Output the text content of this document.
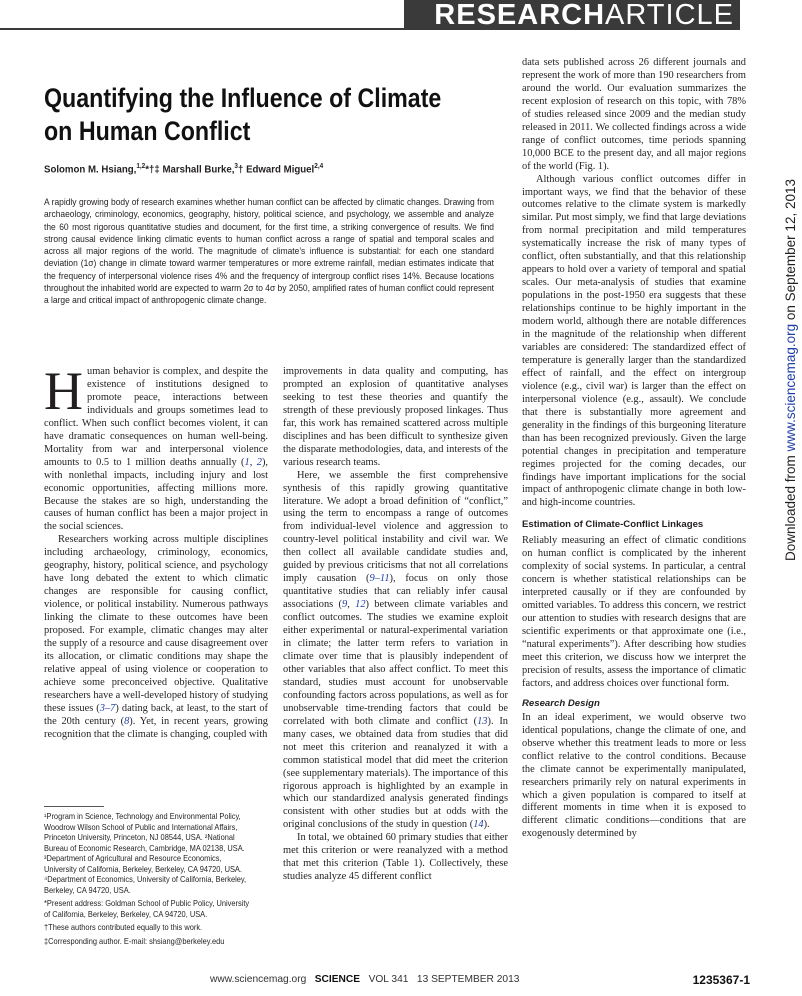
RESEARCH ARTICLE
Quantifying the Influence of Climate on Human Conflict
Solomon M. Hsiang,$^{1,2}$*†‡ Marshall Burke,$^3$† Edward Miguel$^{2,4}$

A rapidly growing body of research examines whether human conflict can be affected by climatic changes. Drawing from archaeology, criminology, economics, geography, history, political science, and psychology, we assemble and analyze the 60 most rigorous quantitative studies and document, for the first time, a striking convergence of results. We find strong causal evidence linking climatic events to human conflict across a range of spatial and temporal scales and across all major regions of the world. The magnitude of climate’s influence is substantial: for each one standard deviation (1σ) change in climate toward warmer temperatures or more extreme rainfall, median estimates indicate that the frequency of interpersonal violence rises 4% and the frequency of intergroup conflict rises 14%. Because locations throughout the inhabited world are expected to warm 2σ to 4σ by 2050, amplified rates of human conflict could represent a large and critical impact of anthropogenic climate change.

Human behavior is complex, and despite the existence of institutions designed to promote peace, interactions between individuals and groups sometimes lead to conflict. When such conflict becomes violent, it can have dramatic consequences on human well-being. Mortality from war and interpersonal violence amounts to 0.5 to 1 million deaths annually (1, 2), with nonlethal impacts, including injury and lost economic opportunities, affecting millions more. Because the stakes are so high, understanding the causes of human conflict has been a major project in the social sciences.

Researchers working across multiple disciplines including archaeology, criminology, economics, geography, history, political science, and psychology have long debated the extent to which climatic changes are responsible for causing conflict, violence, or political instability. Numerous pathways linking the climate to these outcomes have been proposed. For example, climatic changes may alter the supply of a resource and cause disagreement over its allocation, or climatic conditions may shape the relative appeal of using violence or cooperation to achieve some preconceived objective. Qualitative researchers have a well-developed history of studying these issues (3–7) dating back, at least, to the start of the 20th century (8). Yet, in recent years, growing recognition that the climate is changing, coupled with

¹Program in Science, Technology and Environmental Policy, Woodrow Wilson School of Public and International Affairs, Princeton University, Princeton, NJ 08544, USA. ²National Bureau of Economic Research, Cambridge, MA 02138, USA. ³Department of Agricultural and Resource Economics, University of California, Berkeley, Berkeley, CA 94720, USA. ⁴Department of Economics, University of California, Berkeley, Berkeley, CA 94720, USA.

*Present address: Goldman School of Public Policy, University of California, Berkeley, Berkeley, CA 94720, USA.

†These authors contributed equally to this work.

‡Corresponding author. E-mail: shsiang@berkeley.edu

improvements in data quality and computing, has prompted an explosion of quantitative analyses seeking to test these theories and quantify the strength of these previously proposed linkages. Thus far, this work has remained scattered across multiple disciplines and has been difficult to synthesize given the disparate methodologies, data, and interests of the various research teams.

Here, we assemble the first comprehensive synthesis of this rapidly growing quantitative literature. We adopt a broad definition of “conflict,” using the term to encompass a range of outcomes from individual-level violence and aggression to country-level political instability and civil war. We then collect all available candidate studies and, guided by previous criticisms that not all correlations imply causation (9–11), focus on only those quantitative studies that can reliably infer causal associations (9, 12) between climate variables and conflict outcomes. The studies we examine exploit either experimental or natural-experimental variation in climate; the latter term refers to variation in climate over time that is plausibly independent of other variables that also affect conflict. To meet this standard, studies must account for unobservable confounding factors across populations, as well as for unobservable time-trending factors that could be correlated with both climate and conflict (13). In many cases, we obtained data from studies that did not meet this criterion and reanalyzed it with a common statistical model that did meet the criterion (see supplementary materials). The importance of this rigorous approach is highlighted by an example in which our standardized analysis generated findings consistent with other studies but at odds with the original conclusions of the study in question (14).

In total, we obtained 60 primary studies that either met this criterion or were reanalyzed with a method that met this criterion (Table 1). Collectively, these studies analyze 45 different conflict

data sets published across 26 different journals and represent the work of more than 190 researchers from around the world. Our evaluation summarizes the recent explosion of research on this topic, with 78% of studies released since 2009 and the median study released in 2011. We collected findings across a wide range of conflict outcomes, time periods spanning 10,000 BCE to the present day, and all major regions of the world (Fig. 1).

Although various conflict outcomes differ in important ways, we find that the behavior of these outcomes relative to the climate system is markedly similar. Put most simply, we find that large deviations from normal precipitation and mild temperatures systematically increase the risk of many types of conflict, often substantially, and that this relationship appears to hold over a variety of temporal and spatial scales. Our meta-analysis of studies that examine populations in the post-1950 era suggests that these relationships continue to be highly important in the modern world, although there are notable differences in the magnitude of the relationship when different variables are considered: The standardized effect of temperature is generally larger than the standardized effect of rainfall, and the effect on intergroup violence (e.g., civil war) is larger than the effect on interpersonal violence (e.g., assault). We conclude that there is substantially more agreement and generality in the findings of this burgeoning literature than has been recognized previously. Given the large potential changes in precipitation and temperature regimes projected for the coming decades, our findings have important implications for the social impact of anthropogenic climate change in both low- and high-income countries.

Estimation of Climate-Conflict Linkages

Reliably measuring an effect of climatic conditions on human conflict is complicated by the inherent complexity of social systems. In particular, a central concern is whether statistical relationships can be interpreted causally or if they are confounded by omitted variables. To address this concern, we restrict our attention to studies with research designs that are scientific experiments or that approximate one (i.e., “natural experiments”). After describing how studies meet this criterion, we discuss how we interpret the precision of results, assess the importance of climatic factors, and address choices over functional form.

Research Design

In an ideal experiment, we would observe two identical populations, change the climate of one, and observe whether this treatment leads to more or less conflict relative to the control conditions. Because the climate cannot be experimentally manipulated, researchers primarily rely on natural experiments in which a given population is compared to itself at different moments in time when it is exposed to different climatic conditions—conditions that are exogenously determined by

Downloaded from www.sciencemag.org on September 12, 2013
www.sciencemag.org SCIENCE VOL 341 13 SEPTEMBER 2013	1235367-1
